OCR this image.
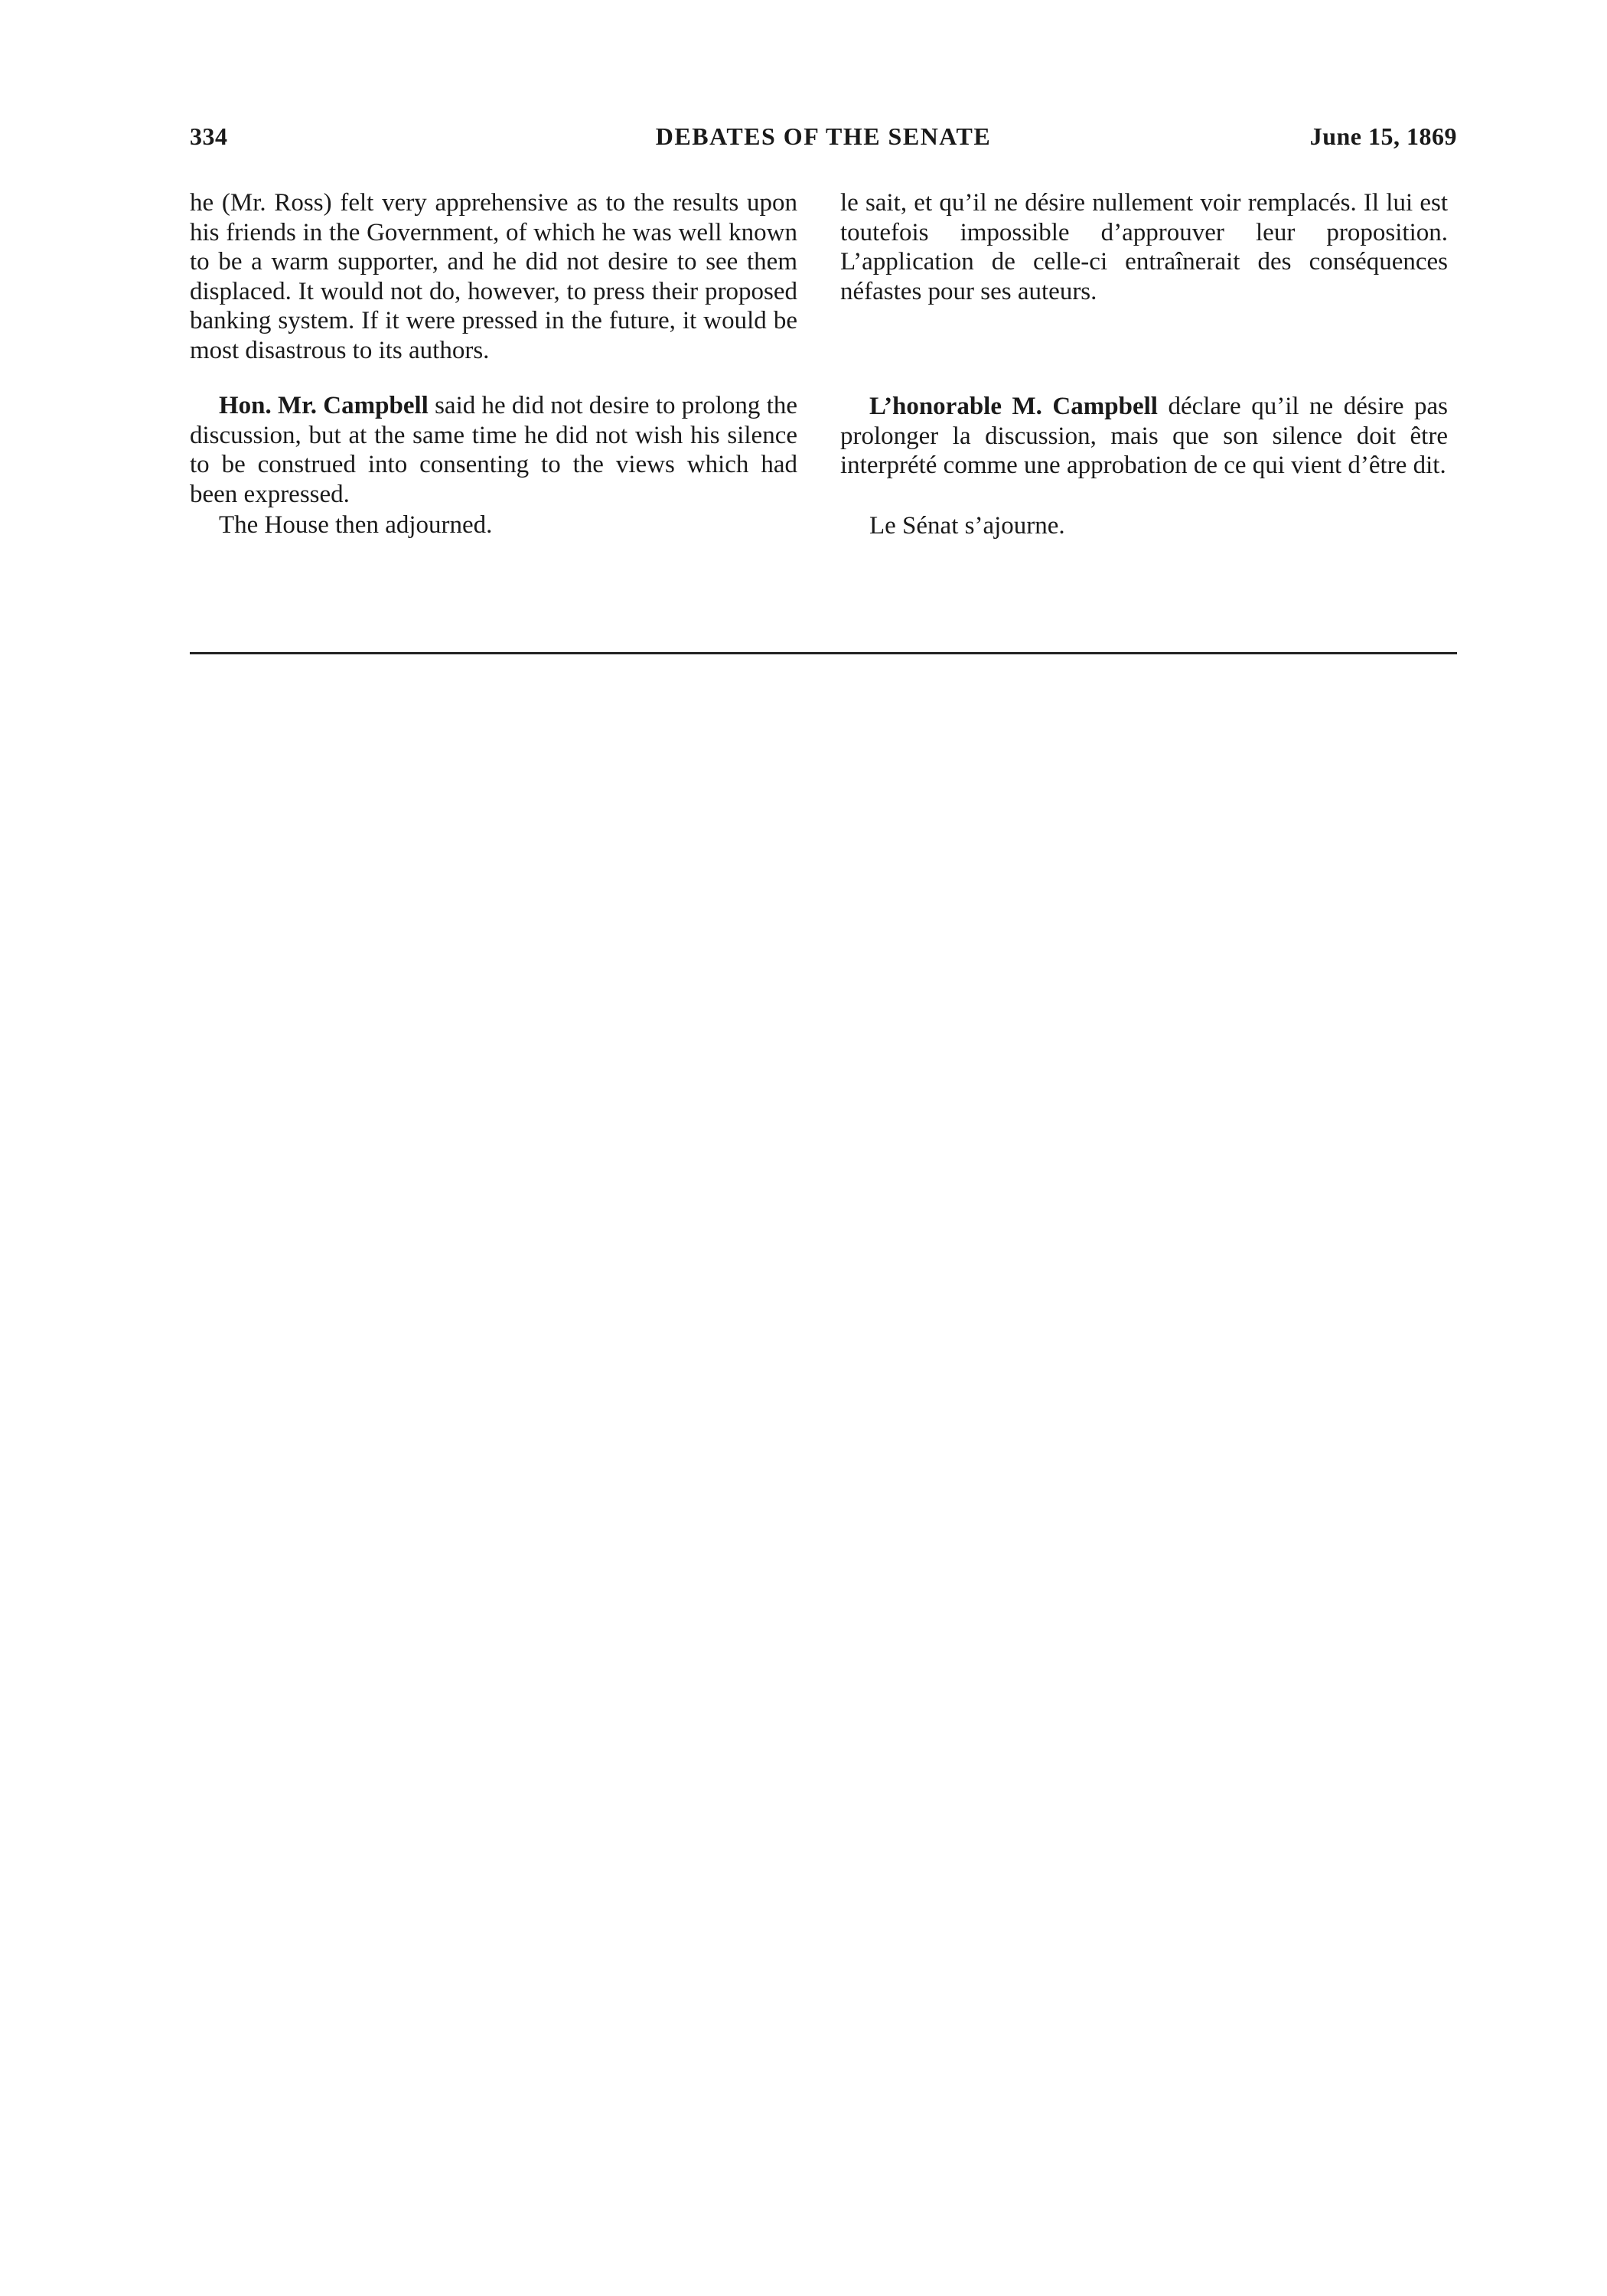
334	DEBATES OF THE SENATE	June 15, 1869

he (Mr. Ross) felt very apprehensive as to the results upon his friends in the Government, of which he was well known to be a warm supporter, and he did not desire to see them displaced. It would not do, however, to press their proposed banking system. If it were pressed in the future, it would be most disastrous to its authors.

Hon. Mr. Campbell said he did not desire to prolong the discussion, but at the same time he did not wish his silence to be construed into consenting to the views which had been expressed.

The House then adjourned.

le sait, et qu’il ne désire nullement voir remplacés. Il lui est toutefois impossible d’approuver leur proposition. L’application de celle-ci entraînerait des conséquences néfastes pour ses auteurs.

L’honorable M. Campbell déclare qu’il ne désire pas prolonger la discussion, mais que son silence doit être interprété comme une approbation de ce qui vient d’être dit.

Le Sénat s’ajourne.
